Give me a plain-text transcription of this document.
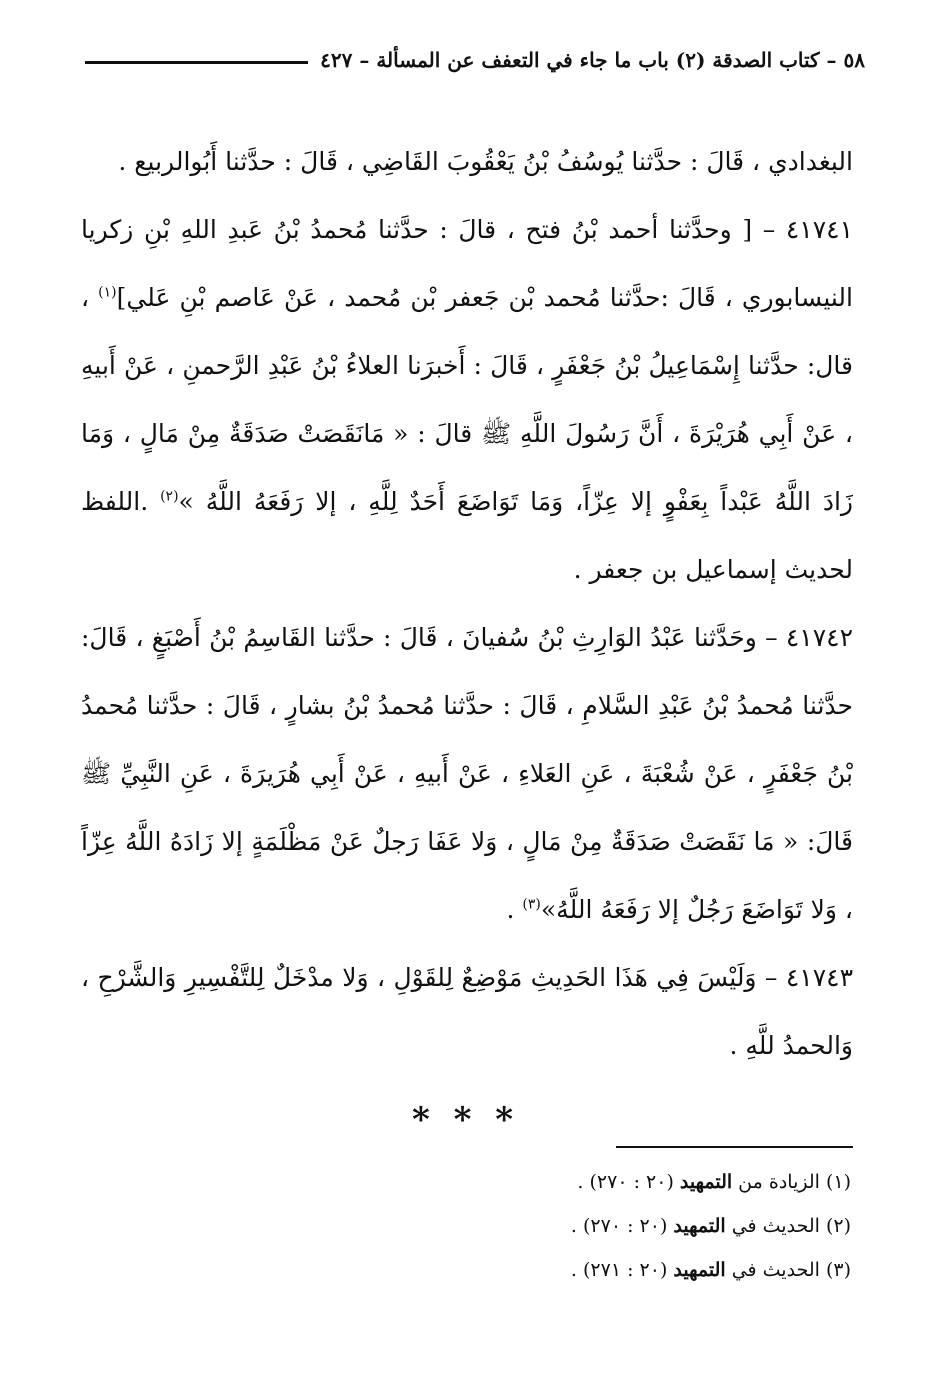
٥٨ – كتاب الصدقة (٢) باب ما جاء في التعفف عن المسألة – ٤٢٧

البغدادي ، قَالَ : حدَّثنا يُوسُفُ بْنُ يَعْقُوبَ القَاضِي ، قَالَ : حدَّثنا أَبُوالربيع .

٤١٧٤١ – [ وحدَّثنا أحمد بْنُ فتح ، قالَ : حدَّثنا مُحمدُ بْنُ عَبدِ اللهِ بْنِ زكريا النيسابوري ، قَالَ :حدَّثنا مُحمد بْن جَعفر بْن مُحمد ، عَنْ عَاصم بْنِ عَلي]$^{(١)}$ ، قال: حدَّثنا إِسْمَاعِيلُ بْنُ جَعْفَرٍ ، قَالَ : أَخبرَنا العلاءُ بْنُ عَبْدِ الرَّحمنِ ، عَنْ أَبيهِ ، عَنْ أَبِي هُرَيْرَةَ ، أَنَّ رَسُولَ اللَّهِ ﷺ قالَ : « مَانَقَصَتْ صَدَقَةٌ مِنْ مَالٍ ، وَمَا زَادَ اللَّهُ عَبْداً بِعَفْوٍ إلا عِزّاً، وَمَا تَوَاضَعَ أَحَدٌ لِلَّهِ ، إلا رَفَعَهُ اللَّهُ »$^{(٢)}$ .اللفظ لحديث إسماعيل بن جعفر .

٤١٧٤٢ – وحَدَّثنا عَبْدُ الوَارِثِ بْنُ سُفيانَ ، قَالَ : حدَّثنا القَاسِمُ بْنُ أَصْبَغٍ ، قَالَ: حدَّثنا مُحمدُ بْنُ عَبْدِ السَّلامِ ، قَالَ : حدَّثنا مُحمدُ بْنُ بشارٍ ، قَالَ : حدَّثنا مُحمدُ بْنُ جَعْفَرٍ ، عَنْ شُعْبَةَ ، عَنِ العَلاءِ ، عَنْ أَبيهِ ، عَنْ أَبِي هُرَيرَةَ ، عَنِ النَّبِيِّ ﷺ قَالَ: « مَا نَقَصَتْ صَدَقَةٌ مِنْ مَالٍ ، وَلا عَفَا رَجلٌ عَنْ مَظْلَمَةٍ إلا زَادَهُ اللَّهُ عِزّاً ، وَلا تَوَاضَعَ رَجُلٌ إلا رَفَعَهُ اللَّهُ»$^{(٣)}$ .

٤١٧٤٣ – وَلَيْسَ فِي هَذَا الحَدِيثِ مَوْضِعٌ لِلقَوْلِ ، وَلا مدْخَلٌ لِلتَّفْسِيرِ وَالشَّرْحِ ، وَالحمدُ للَّهِ .

* * *

(١) الزيادة من التمهيد (٢٠ : ٢٧٠) .

(٢) الحديث في التمهيد (٢٠ : ٢٧٠) .

(٣) الحديث في التمهيد (٢٠ : ٢٧١) .
